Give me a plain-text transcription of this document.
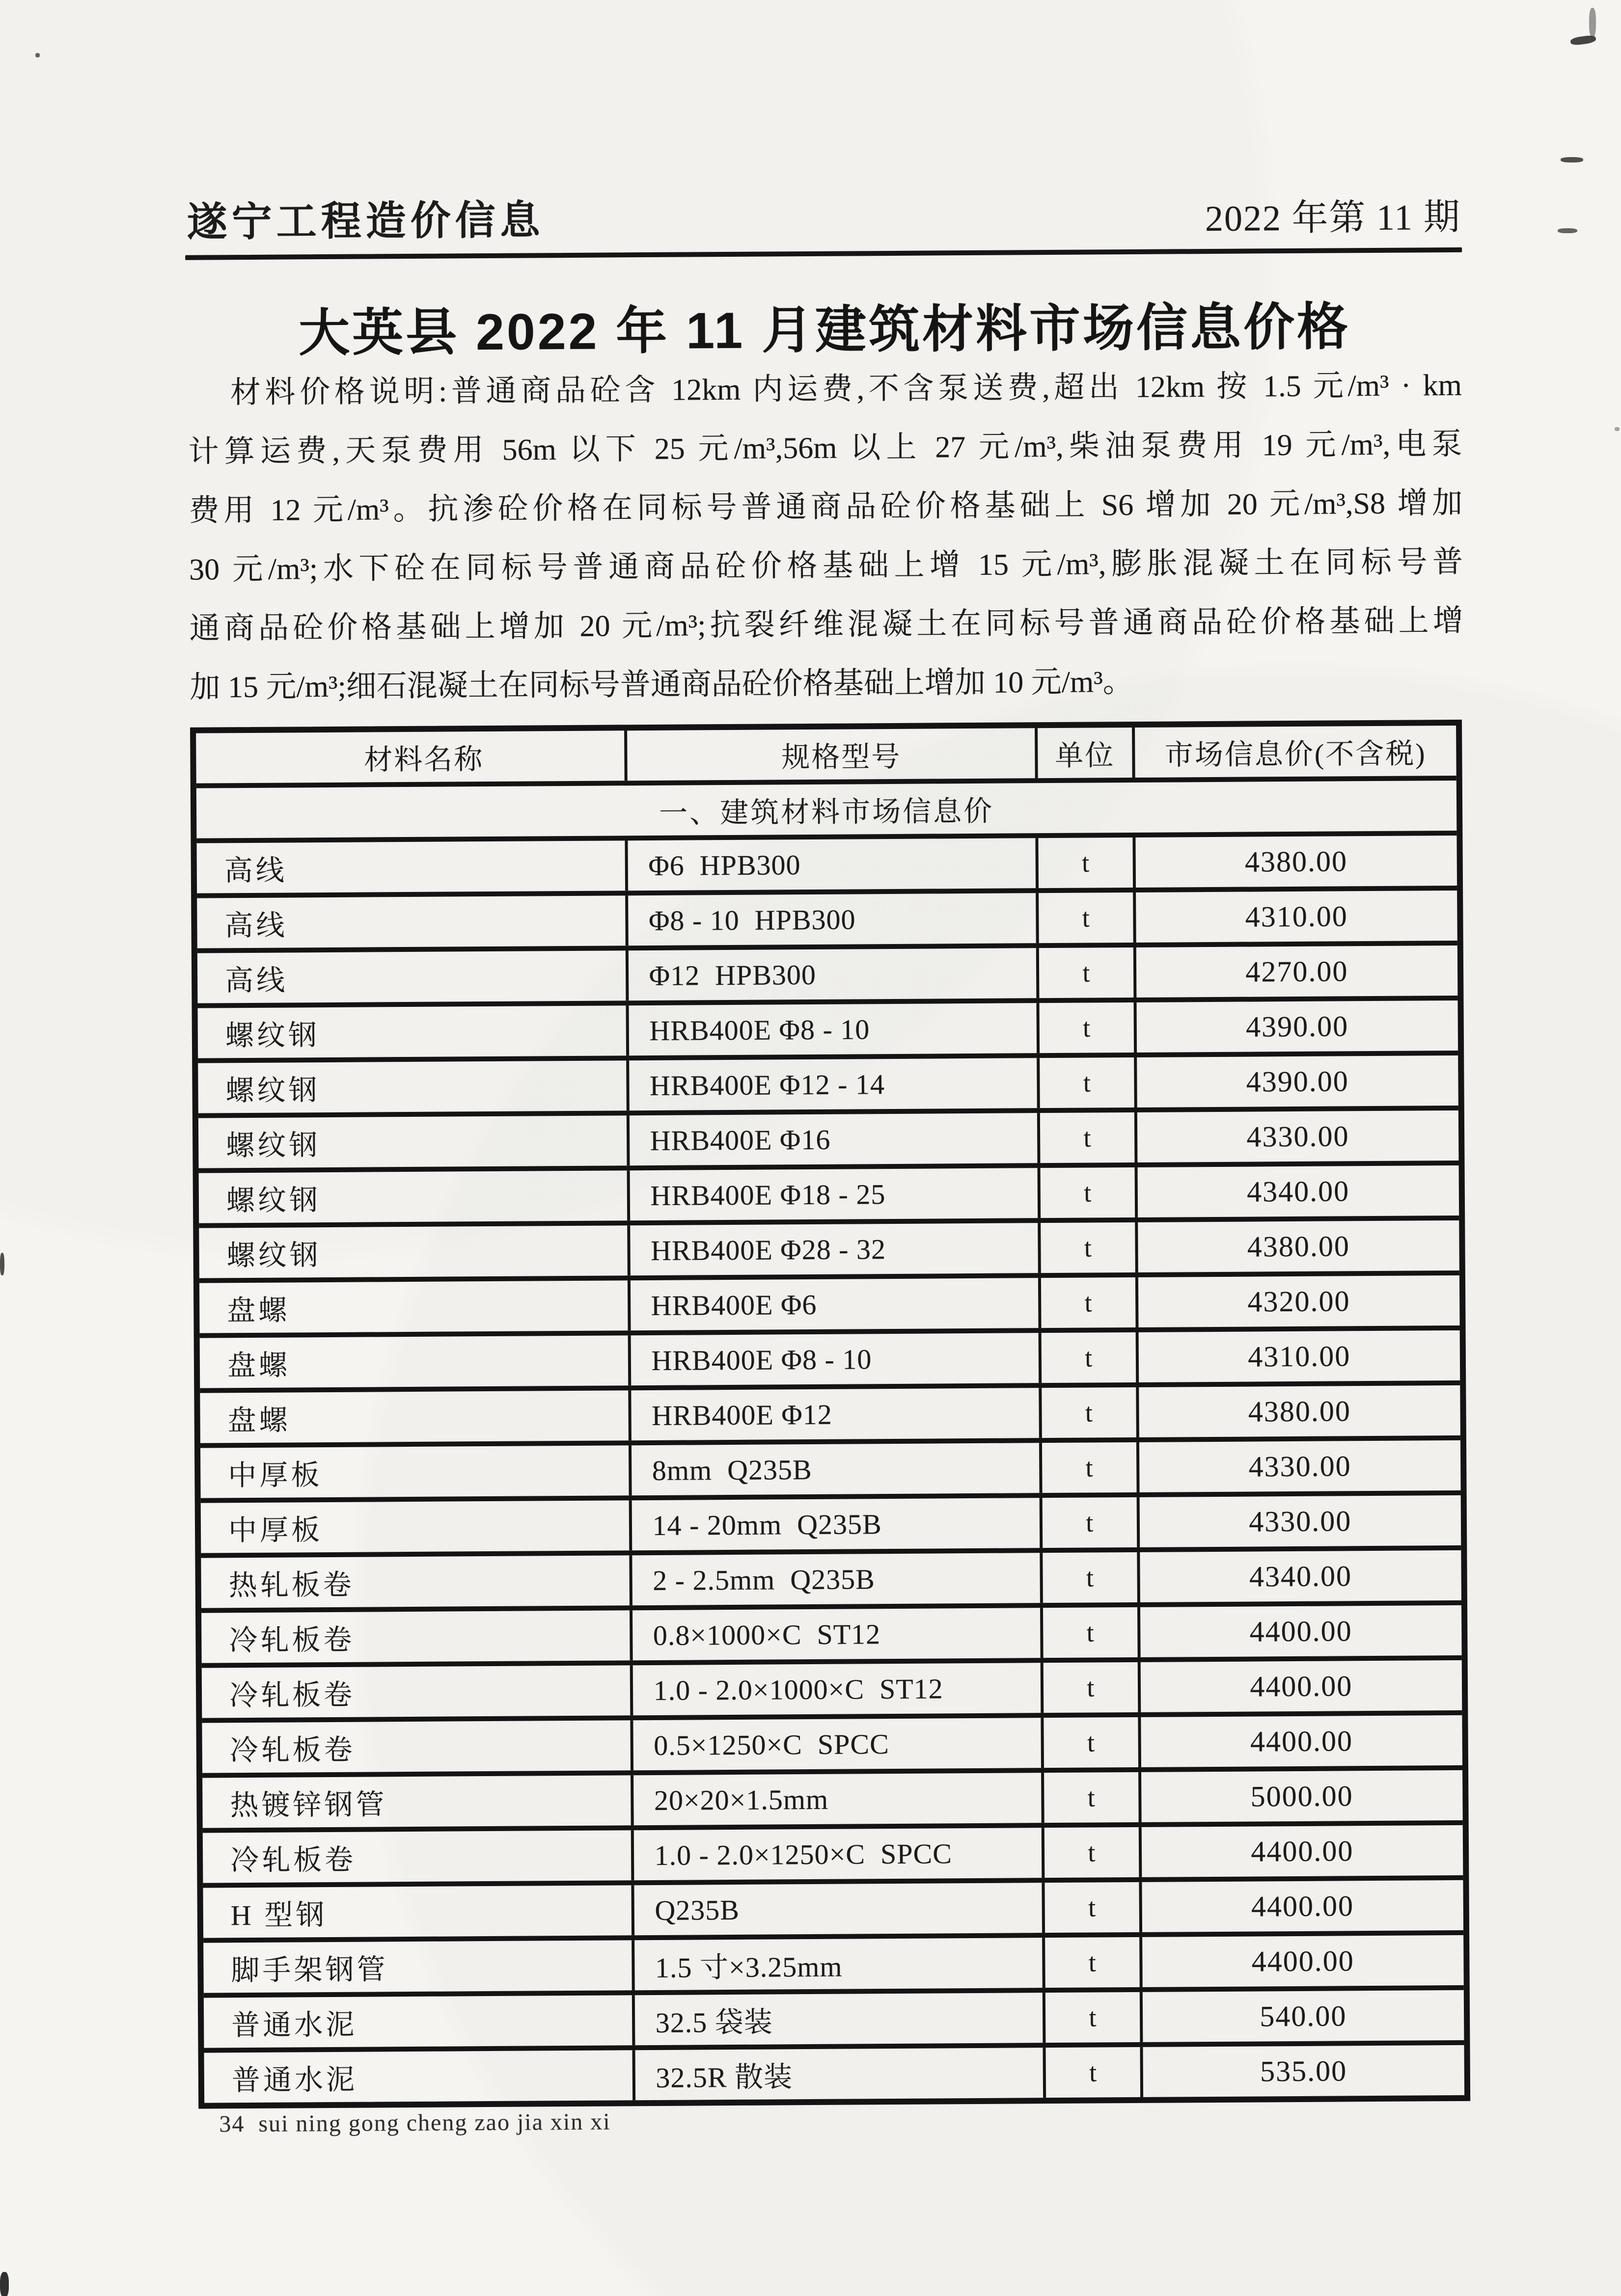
遂宁工程造价信息	2022 年第 11 期
大英县 2022 年 11 月建筑材料市场信息价格
材料价格说明:普通商品砼含 12km 内运费,不含泵送费,超出 12km 按 1.5 元/m³ · km
计算运费,天泵费用 56m 以下 25 元/m³,56m 以上 27 元/m³,柴油泵费用 19 元/m³,电泵
费用 12 元/m³。抗渗砼价格在同标号普通商品砼价格基础上 S6 增加 20 元/m³,S8 增加
30 元/m³;水下砼在同标号普通商品砼价格基础上增 15 元/m³,膨胀混凝土在同标号普
通商品砼价格基础上增加 20 元/m³;抗裂纤维混凝土在同标号普通商品砼价格基础上增
加 15 元/m³;细石混凝土在同标号普通商品砼价格基础上增加 10 元/m³。
材料名称	规格型号	单位	市场信息价(不含税)
一、建筑材料市场信息价
高线	Φ6  HPB300	t	4380.00
高线	Φ8 - 10  HPB300	t	4310.00
高线	Φ12  HPB300	t	4270.00
螺纹钢	HRB400E Φ8 - 10	t	4390.00
螺纹钢	HRB400E Φ12 - 14	t	4390.00
螺纹钢	HRB400E Φ16	t	4330.00
螺纹钢	HRB400E Φ18 - 25	t	4340.00
螺纹钢	HRB400E Φ28 - 32	t	4380.00
盘螺	HRB400E Φ6	t	4320.00
盘螺	HRB400E Φ8 - 10	t	4310.00
盘螺	HRB400E Φ12	t	4380.00
中厚板	8mm  Q235B	t	4330.00
中厚板	14 - 20mm  Q235B	t	4330.00
热轧板卷	2 - 2.5mm  Q235B	t	4340.00
冷轧板卷	0.8×1000×C  ST12	t	4400.00
冷轧板卷	1.0 - 2.0×1000×C  ST12	t	4400.00
冷轧板卷	0.5×1250×C  SPCC	t	4400.00
热镀锌钢管	20×20×1.5mm	t	5000.00
冷轧板卷	1.0 - 2.0×1250×C  SPCC	t	4400.00
H 型钢	Q235B	t	4400.00
脚手架钢管	1.5 寸×3.25mm	t	4400.00
普通水泥	32.5 袋装	t	540.00
普通水泥	32.5R 散装	t	535.00
34  sui ning gong cheng zao jia xin xi
